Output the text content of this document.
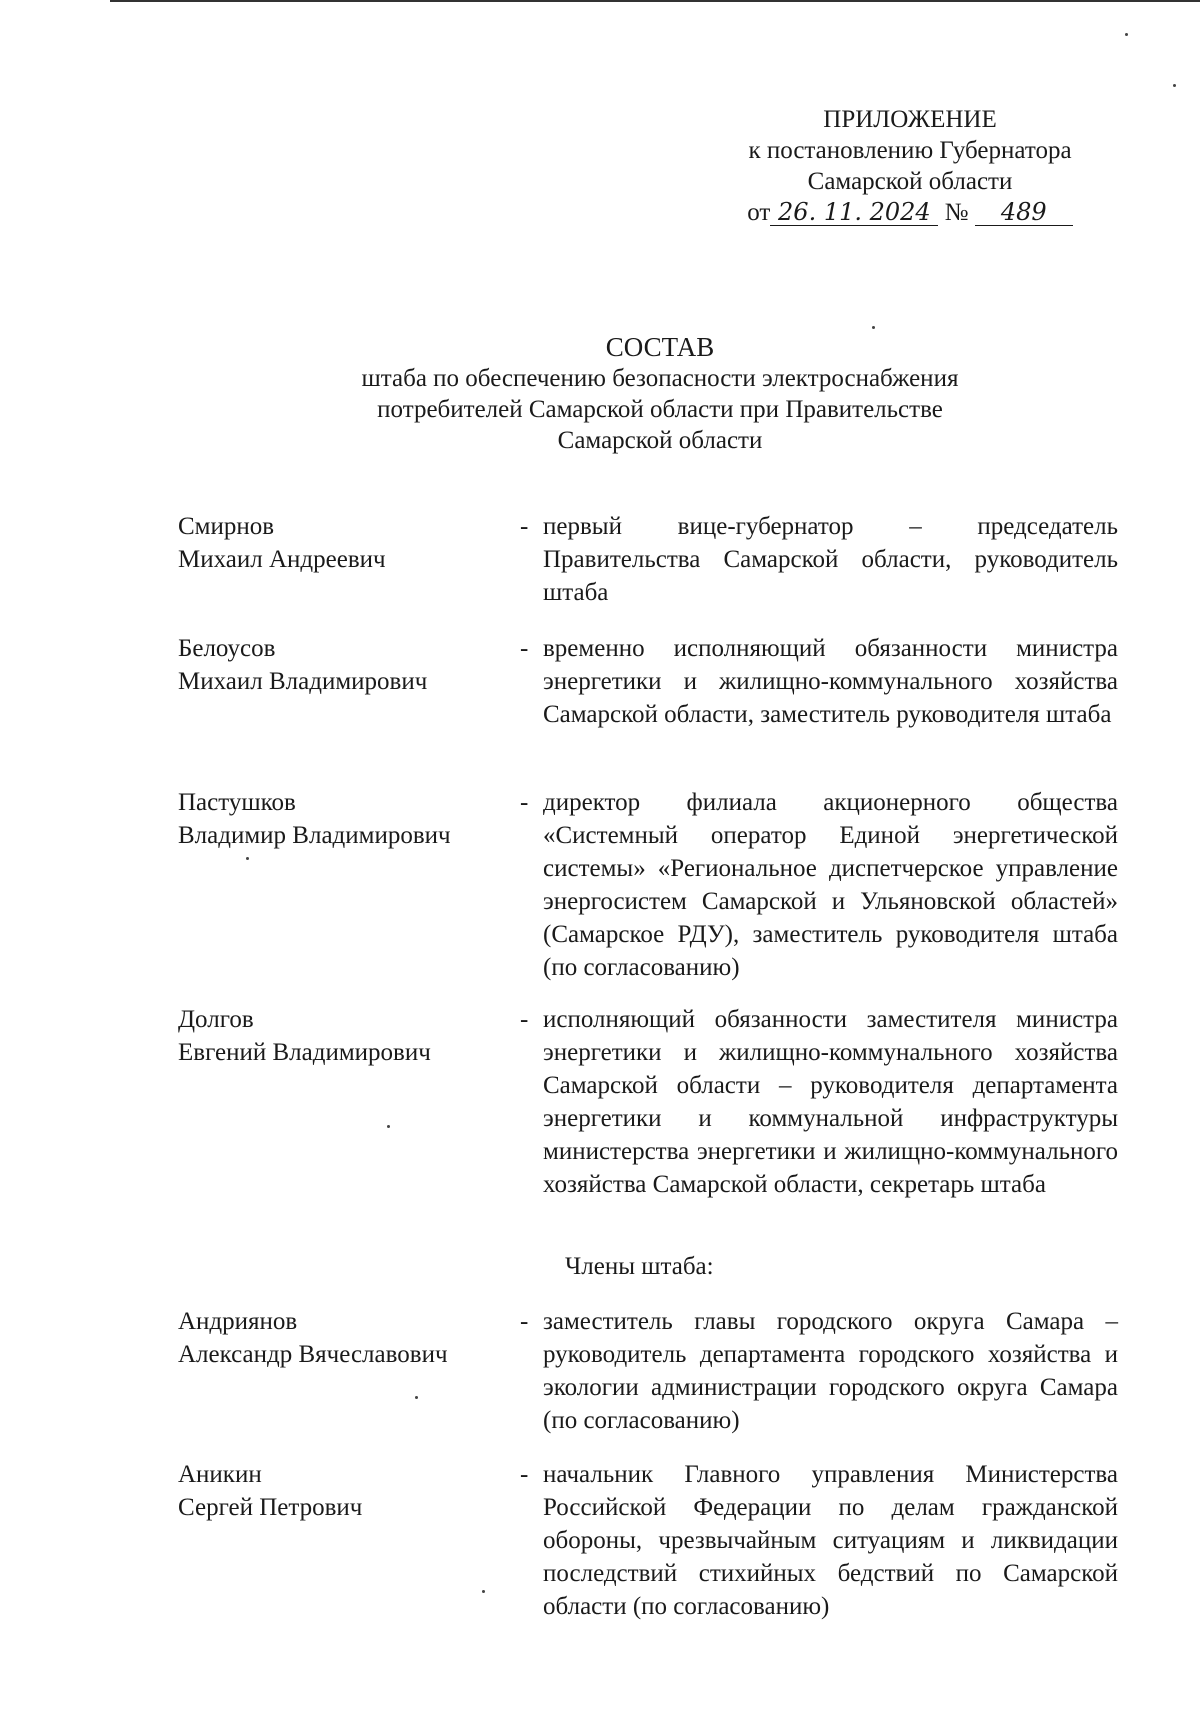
ПРИЛОЖЕНИЕ
к постановлению Губернатора
Самарской области
от 26. 11. 2024 № 489
СОСТАВ
штаба по обеспечению безопасности электроснабжения
потребителей Самарской области при Правительстве
Самарской области
Смирнов
Михаил Андреевич
- первый вице-губернатор – председатель Правительства Самарской области, руководитель штаба
Белоусов
Михаил Владимирович
- временно исполняющий обязанности министра энергетики и жилищно-коммунального хозяйства Самарской области, заместитель руководителя штаба
Пастушков
Владимир Владимирович
- директор филиала акционерного общества «Системный оператор Единой энергетической системы» «Региональное диспетчерское управление энергосистем Самарской и Ульяновской областей» (Самарское РДУ), заместитель руководителя штаба (по согласованию)
Долгов
Евгений Владимирович
- исполняющий обязанности заместителя министра энергетики и жилищно-коммунального хозяйства Самарской области – руководителя департамента энергетики и коммунальной инфраструктуры министерства энергетики и жилищно-коммунального хозяйства Самарской области, секретарь штаба
Члены штаба:
Андриянов
Александр Вячеславович
- заместитель главы городского округа Самара – руководитель департамента городского хозяйства и экологии администрации городского округа Самара (по согласованию)
Аникин
Сергей Петрович
- начальник Главного управления Министерства Российской Федерации по делам гражданской обороны, чрезвычайным ситуациям и ликвидации последствий стихийных бедствий по Самарской области (по согласованию)
